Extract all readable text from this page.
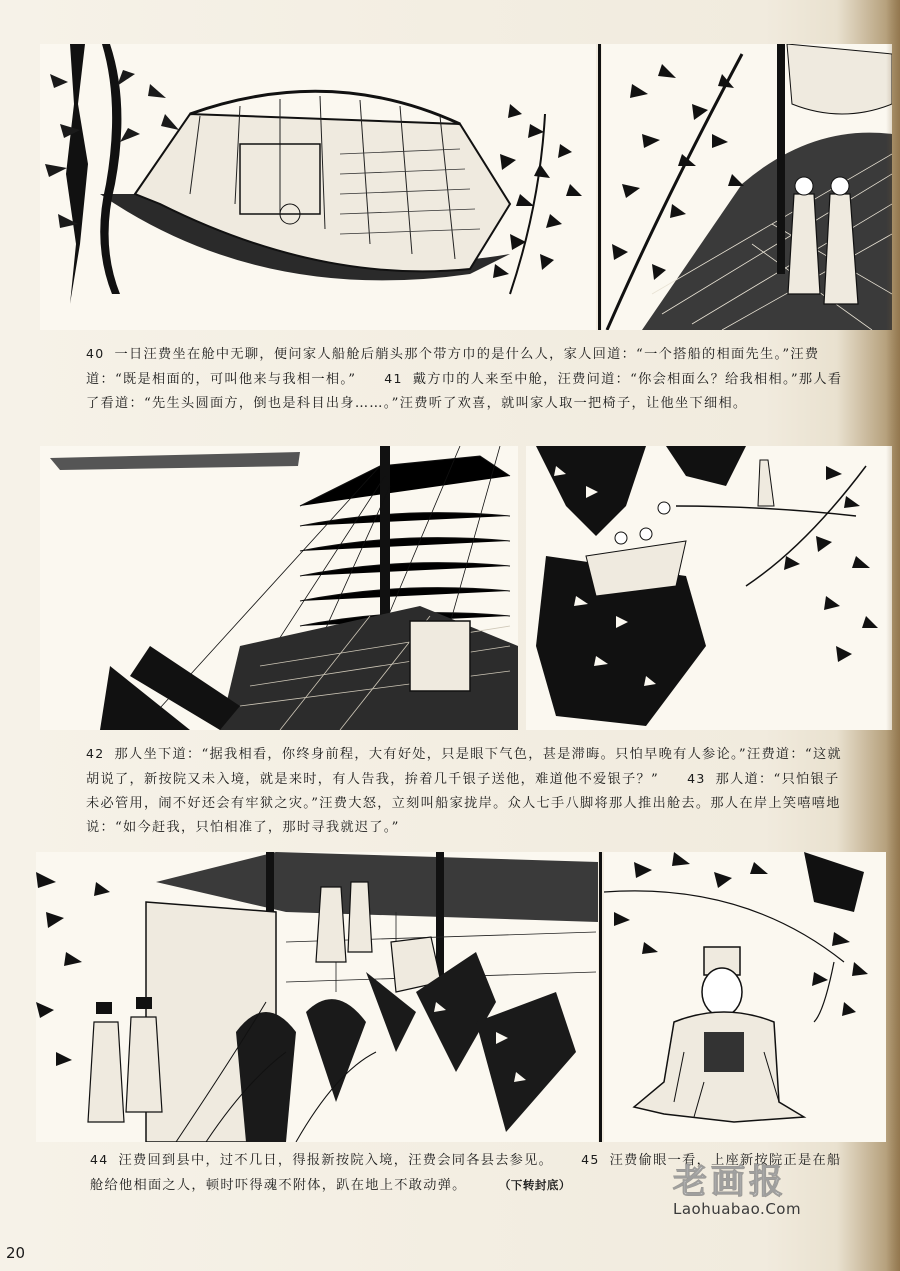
40 一日汪费坐在舱中无聊，便问家人船舱后艄头那个带方巾的是什么人，家人回道：“一个搭船的相面先生。”汪费道：“既是相面的，可叫他来与我相一相。” 41 戴方巾的人来至中舱，汪费问道：“你会相面么？给我相相。”那人看了看道：“先生头圆面方，倒也是科目出身……。”汪费听了欢喜，就叫家人取一把椅子，让他坐下细相。
42 那人坐下道：“据我相看，你终身前程，大有好处，只是眼下气色，甚是滞晦。只怕早晚有人参论。”汪费道：“这就胡说了，新按院又未入境，就是来时，有人告我，拚着几千银子送他，难道他不爱银子？” 43 那人道：“只怕银子未必管用，闹不好还会有牢狱之灾。”汪费大怒，立刻叫船家拢岸。众人七手八脚将那人推出舱去。那人在岸上笑嘻嘻地说：“如今赶我，只怕相准了，那时寻我就迟了。”
44 汪费回到县中，过不几日，得报新按院入境，汪费会同各县去参见。 45 汪费偷眼一看，上座新按院正是在船舱给他相面之人，顿时吓得魂不附体，趴在地上不敢动弹。	（下转封底）	老画报
Laohuabao.Com
20
